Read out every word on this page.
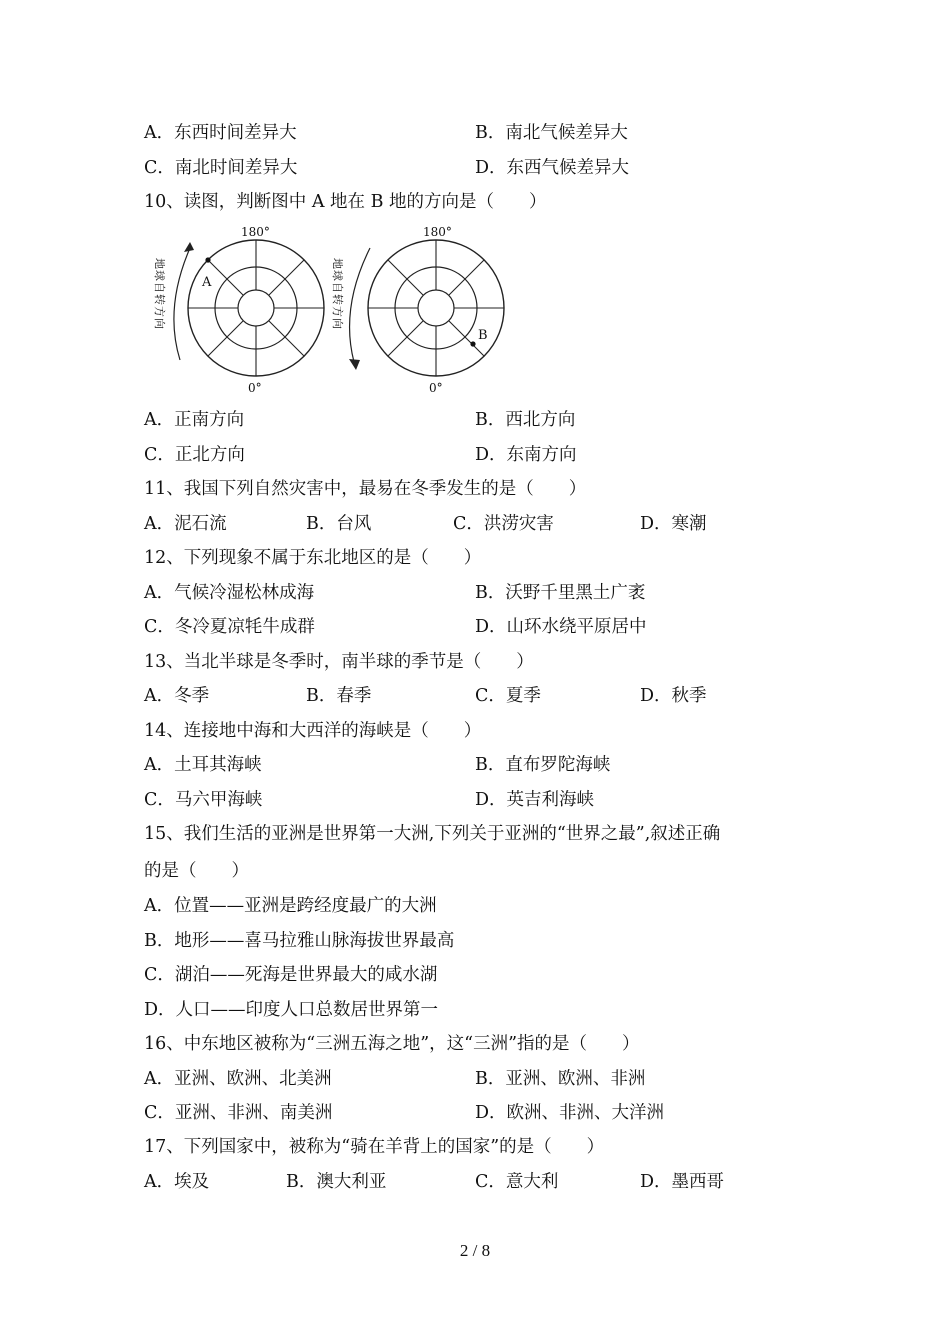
A．东西时间差异大	B．南北气候差异大
C．南北时间差异大	D．东西气候差异大
10、读图，判断图中 A 地在 B 地的方向是（　　）
A
180°
0°
地球自转方向
B
180°
0°
地球自转方向
A．正南方向	B．西北方向
C．正北方向	D．东南方向
11、我国下列自然灾害中，最易在冬季发生的是（　　）
A．泥石流	B．台风	C．洪涝灾害	D．寒潮
12、下列现象不属于东北地区的是（　　）
A．气候冷湿松林成海	B．沃野千里黑土广袤
C．冬冷夏凉牦牛成群	D．山环水绕平原居中
13、当北半球是冬季时，南半球的季节是（　　）
A．冬季	B．春季	C．夏季	D．秋季
14、连接地中海和大西洋的海峡是（　　）
A．土耳其海峡	B．直布罗陀海峡
C．马六甲海峡	D．英吉利海峡
15、我们生活的亚洲是世界第一大洲,下列关于亚洲的“世界之最”,叙述正确
的是（　　）
A．位置——亚洲是跨经度最广的大洲
B．地形——喜马拉雅山脉海拔世界最高
C．湖泊——死海是世界最大的咸水湖
D．人口——印度人口总数居世界第一
16、中东地区被称为“三洲五海之地”，这“三洲”指的是（　　）
A．亚洲、欧洲、北美洲	B．亚洲、欧洲、非洲
C．亚洲、非洲、南美洲	D．欧洲、非洲、大洋洲
17、下列国家中，被称为“骑在羊背上的国家”的是（　　）
A．埃及	B．澳大利亚	C．意大利	D．墨西哥
2 / 8
